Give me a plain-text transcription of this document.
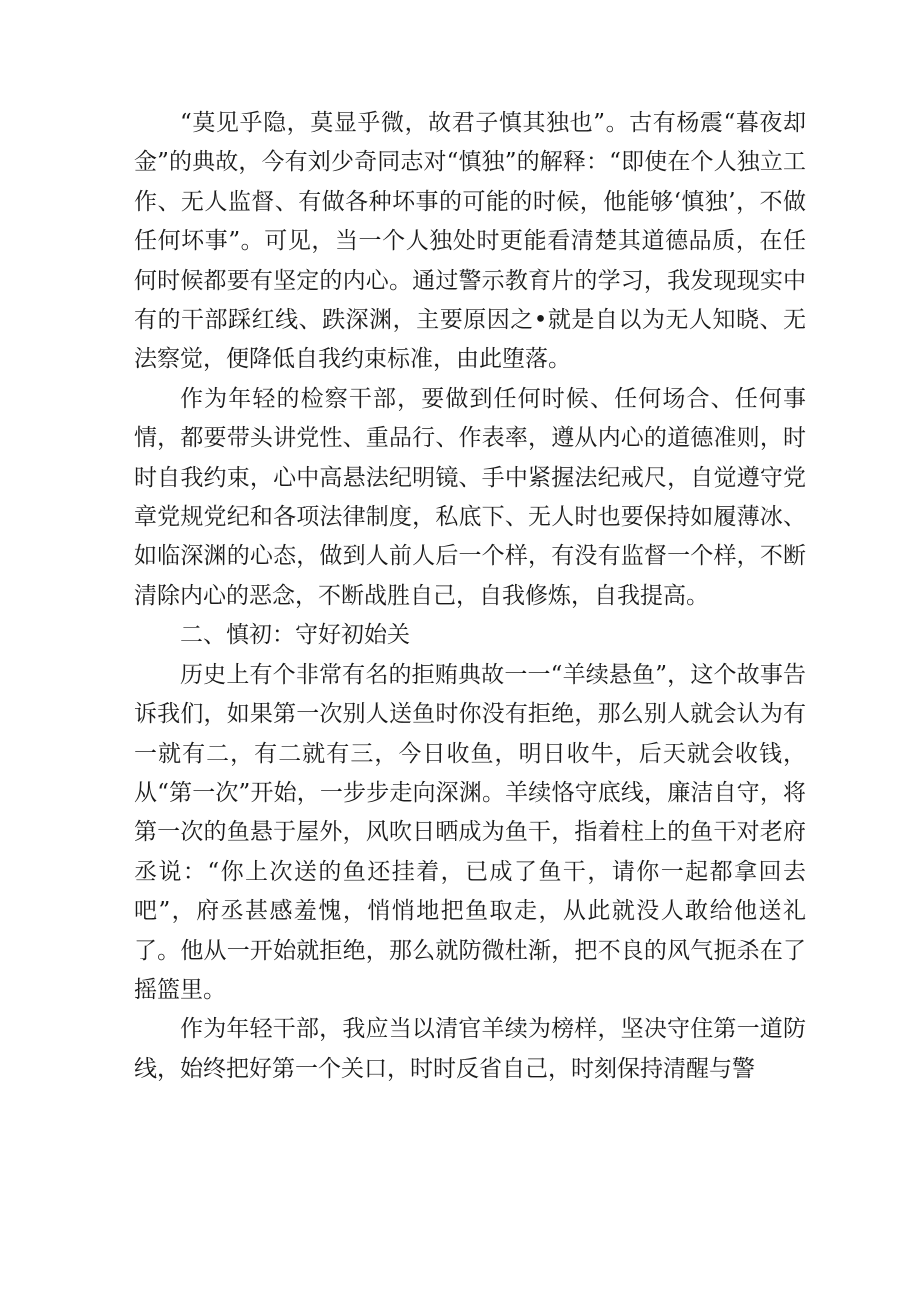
“莫见乎隐，莫显乎微，故君子慎其独也”。古有杨震“暮夜却金”的典故，今有刘少奇同志对“慎独”的解释：“即使在个人独立工作、无人监督、有做各种坏事的可能的时候，他能够‘慎独’，不做任何坏事”。可见，当一个人独处时更能看清楚其道德品质，在任何时候都要有坚定的内心。通过警示教育片的学习，我发现现实中有的干部踩红线、跌深渊，主要原因之•就是自以为无人知晓、无法察觉，便降低自我约束标准，由此堕落。

作为年轻的检察干部，要做到任何时候、任何场合、任何事情，都要带头讲党性、重品行、作表率，遵从内心的道德准则，时时自我约束，心中高悬法纪明镜、手中紧握法纪戒尺，自觉遵守党章党规党纪和各项法律制度，私底下、无人时也要保持如履薄冰、如临深渊的心态，做到人前人后一个样，有没有监督一个样，不断清除内心的恶念，不断战胜自己，自我修炼，自我提高。

二、慎初：守好初始关

历史上有个非常有名的拒贿典故一一“羊续悬鱼”，这个故事告诉我们，如果第一次别人送鱼时你没有拒绝，那么别人就会认为有一就有二，有二就有三，今日收鱼，明日收牛，后天就会收钱，从“第一次”开始，一步步走向深渊。羊续恪守底线，廉洁自守，将第一次的鱼悬于屋外，风吹日晒成为鱼干，指着柱上的鱼干对老府丞说：“你上次送的鱼还挂着，已成了鱼干，请你一起都拿回去吧”，府丞甚感羞愧，悄悄地把鱼取走，从此就没人敢给他送礼了。他从一开始就拒绝，那么就防微杜渐，把不良的风气扼杀在了摇篮里。

作为年轻干部，我应当以清官羊续为榜样，坚决守住第一道防线，始终把好第一个关口，时时反省自己，时刻保持清醒与警
